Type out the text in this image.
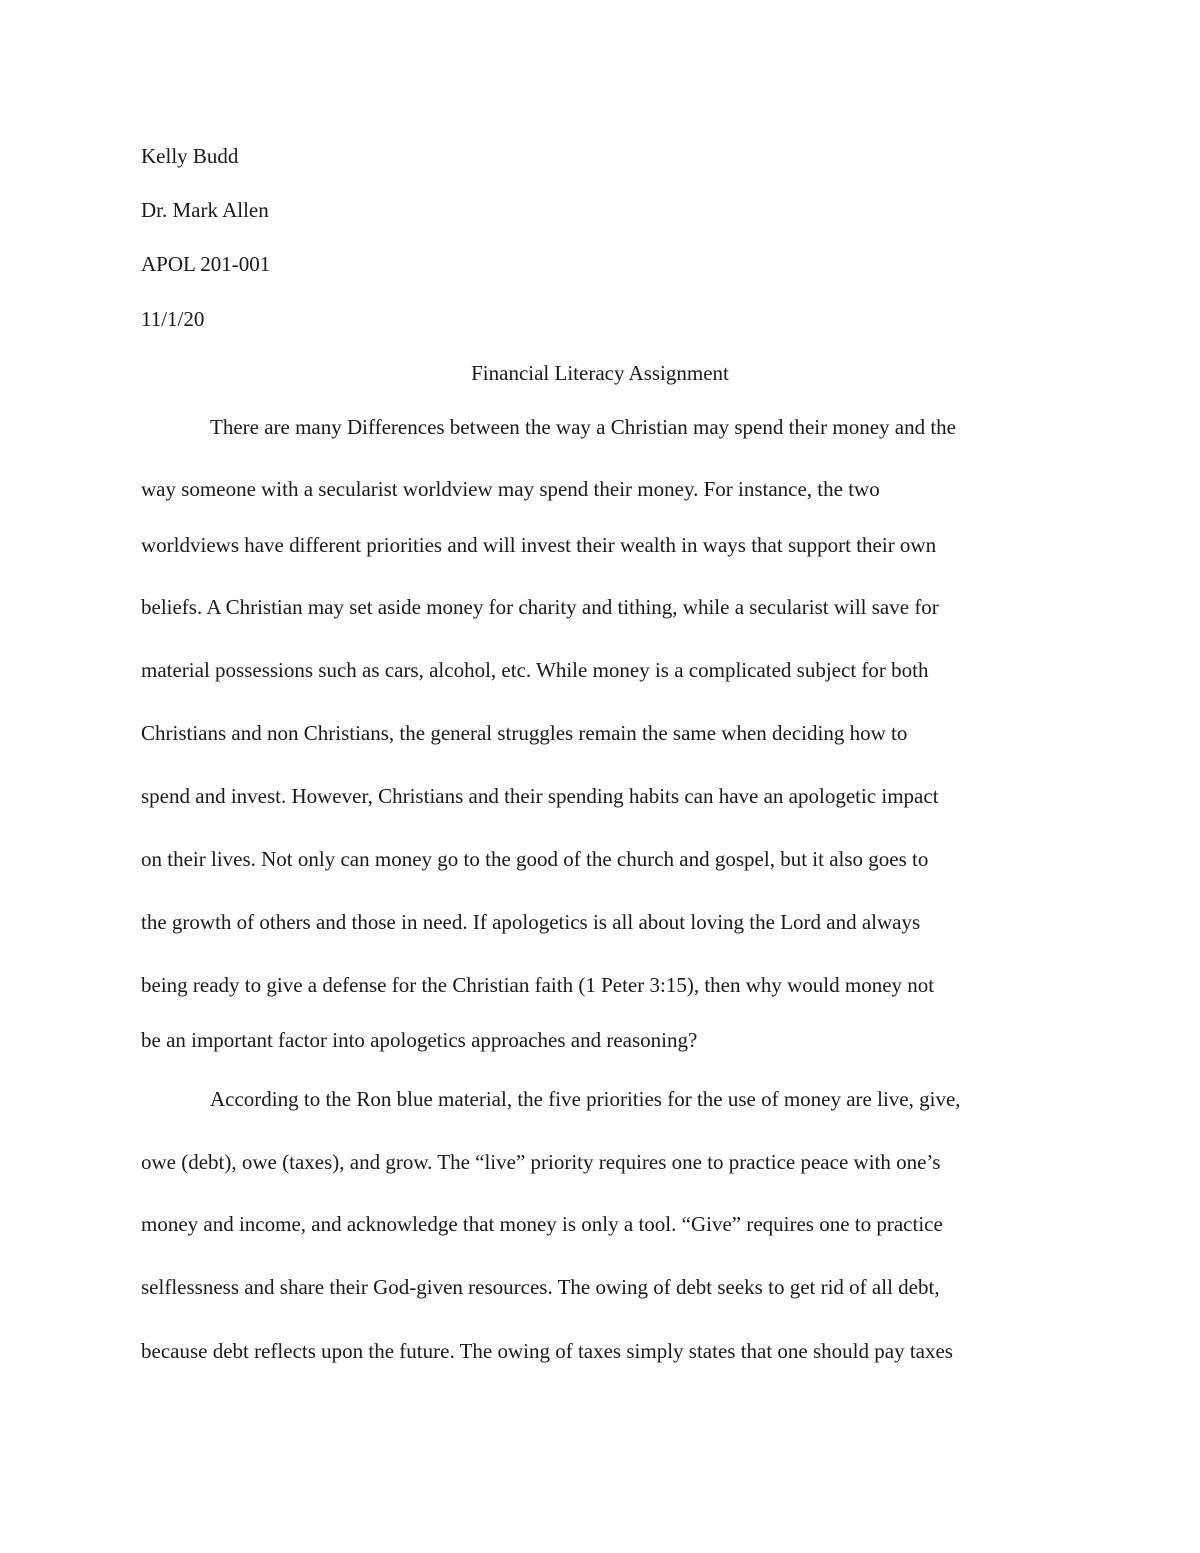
Kelly Budd
Dr. Mark Allen
APOL 201-001
11/1/20
Financial Literacy Assignment
There are many Differences between the way a Christian may spend their money and the
way someone with a secularist worldview may spend their money. For instance, the two
worldviews have different priorities and will invest their wealth in ways that support their own
beliefs. A Christian may set aside money for charity and tithing, while a secularist will save for
material possessions such as cars, alcohol, etc. While money is a complicated subject for both
Christians and non Christians, the general struggles remain the same when deciding how to
spend and invest. However, Christians and their spending habits can have an apologetic impact
on their lives. Not only can money go to the good of the church and gospel, but it also goes to
the growth of others and those in need. If apologetics is all about loving the Lord and always
being ready to give a defense for the Christian faith (1 Peter 3:15), then why would money not
be an important factor into apologetics approaches and reasoning?
According to the Ron blue material, the five priorities for the use of money are live, give,
owe (debt), owe (taxes), and grow. The “live” priority requires one to practice peace with one’s
money and income, and acknowledge that money is only a tool. “Give” requires one to practice
selflessness and share their God-given resources. The owing of debt seeks to get rid of all debt,
because debt reflects upon the future. The owing of taxes simply states that one should pay taxes
